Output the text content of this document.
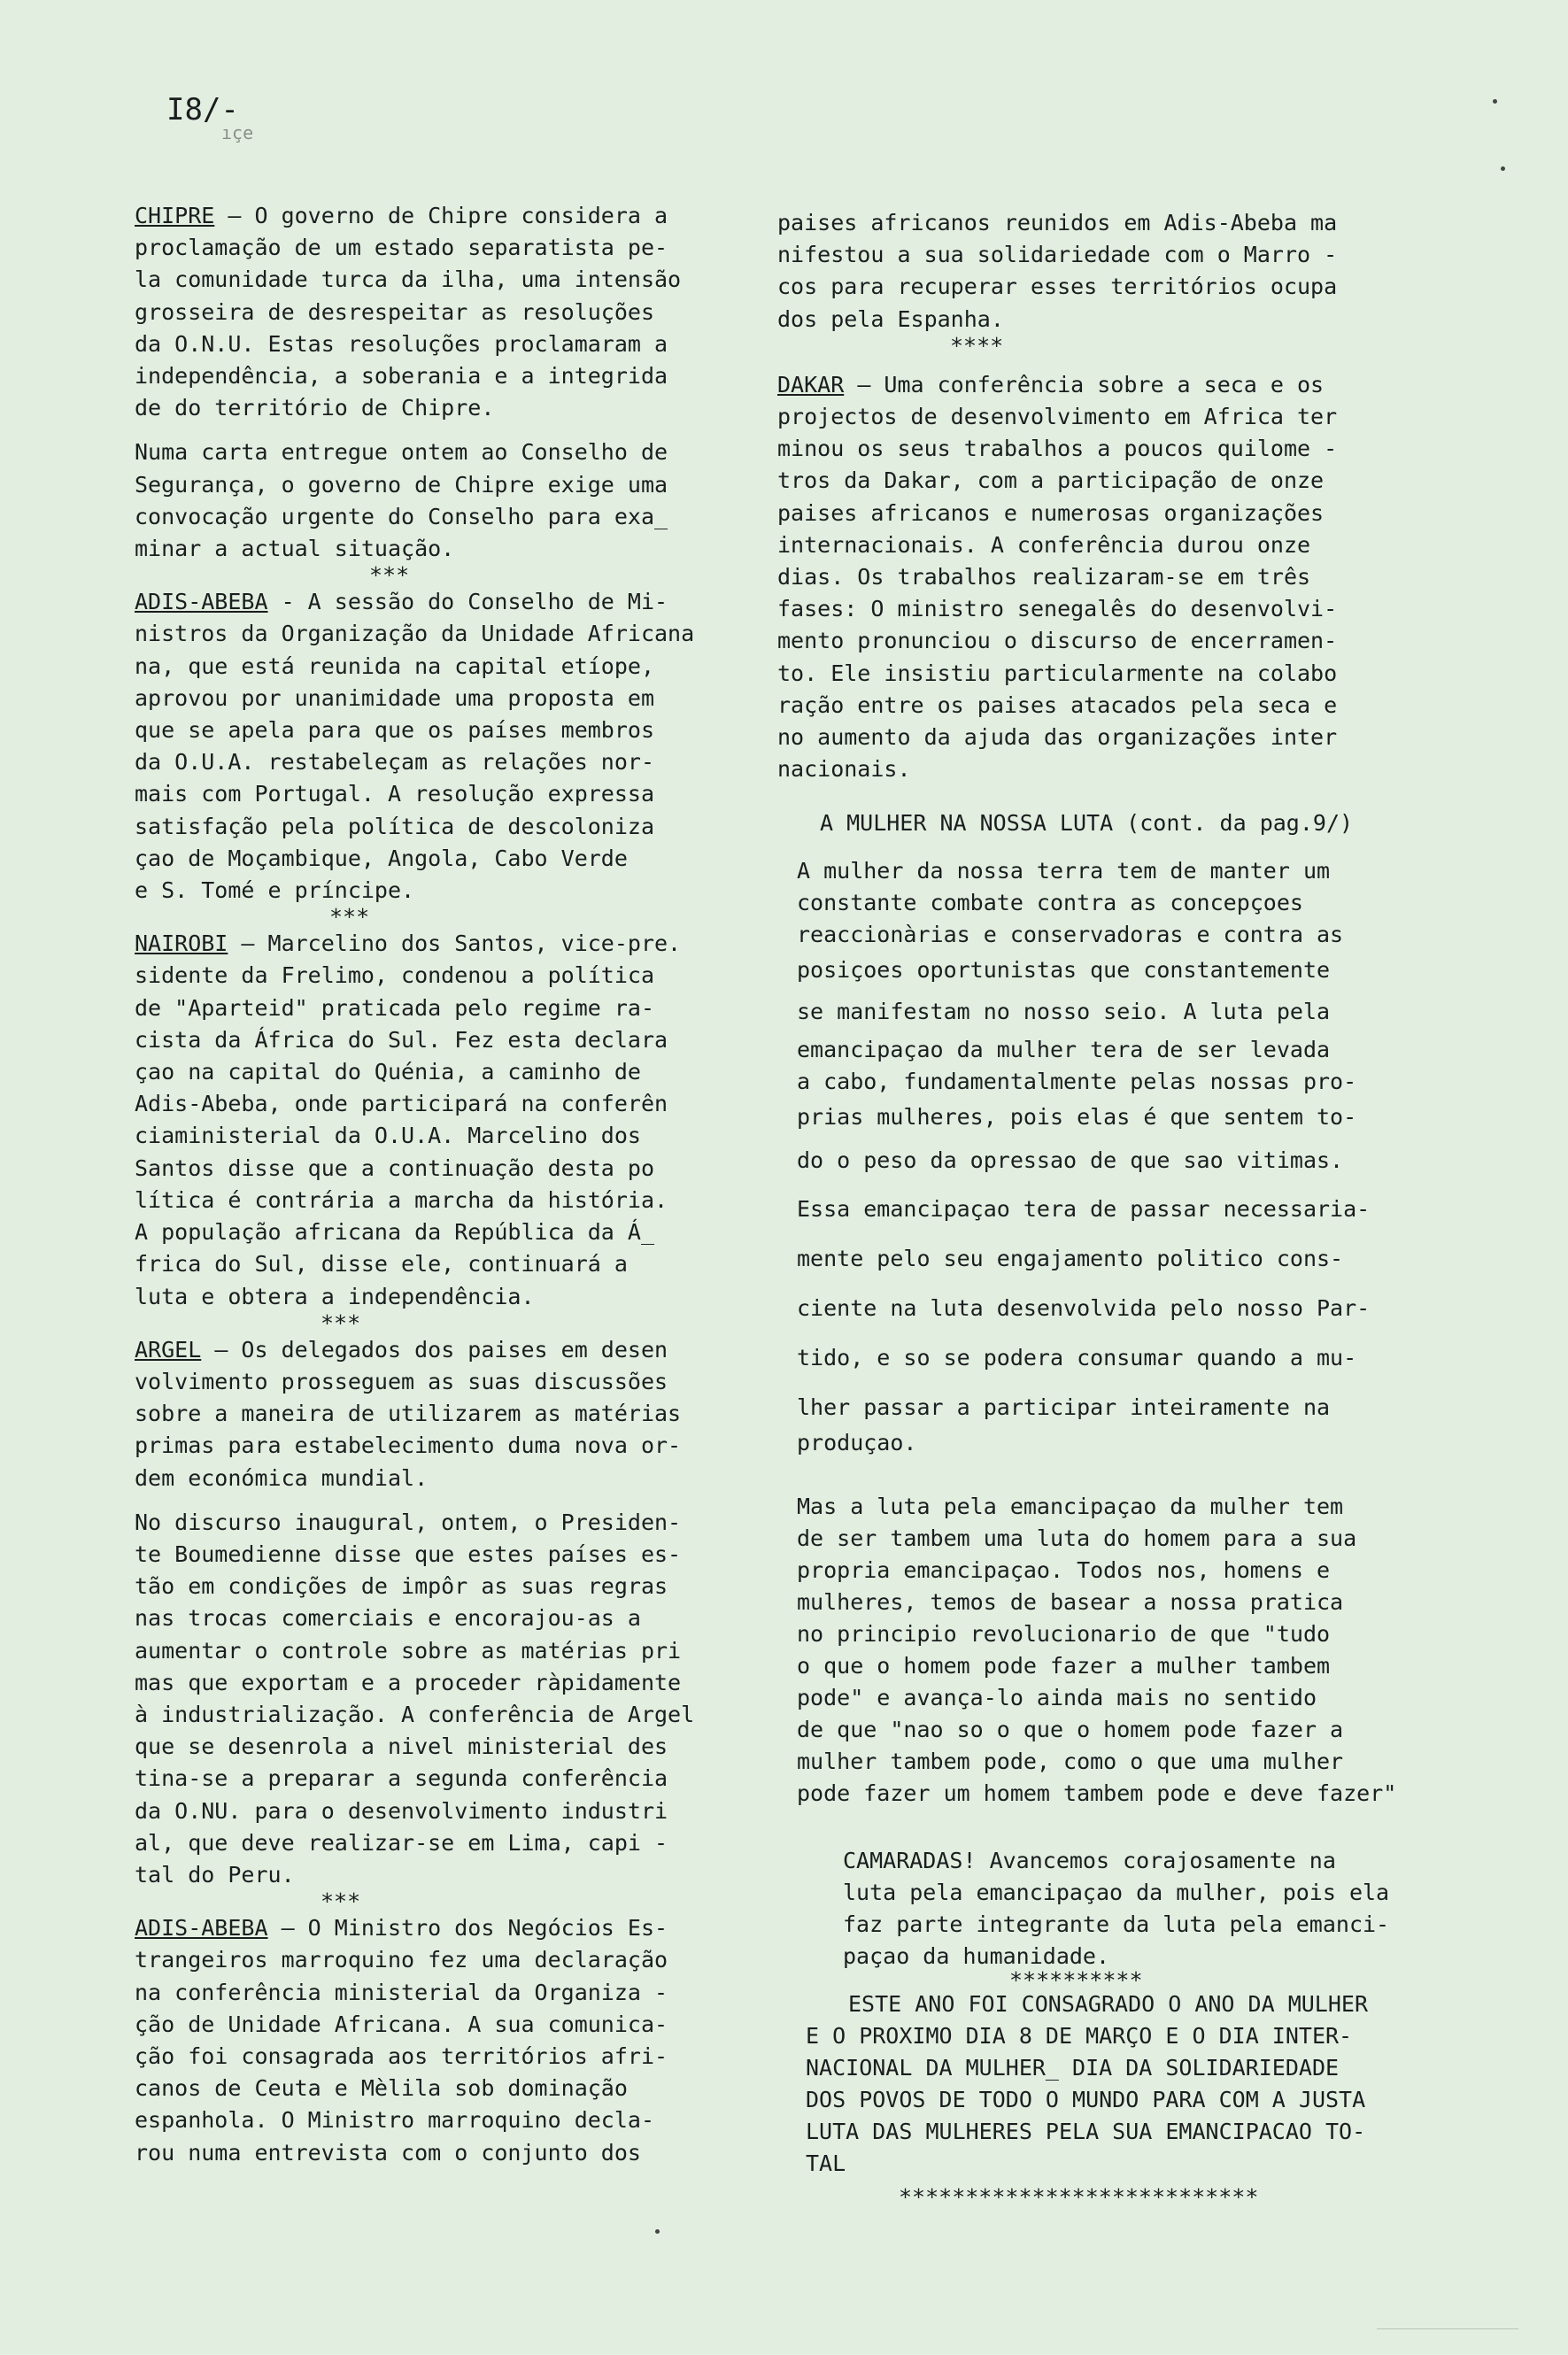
I8/-
ıçe

CHIPRE – O governo de Chipre considera a

proclamação de um estado separatista pe-

la comunidade turca da ilha, uma intensão

grosseira de desrespeitar as resoluções

da O.N.U. Estas resoluções proclamaram a

independência, a soberania e a integrida

de do território de Chipre.

Numa carta entregue ontem ao Conselho de

Segurança, o governo de Chipre exige uma

convocação urgente do Conselho para exa_

minar a actual situação.

***

ADIS-ABEBA - A sessão do Conselho de Mi-

nistros da Organização da Unidade Africana

na, que está reunida na capital etíope,

aprovou por unanimidade uma proposta em

que se apela para que os países membros

da O.U.A. restabeleçam as relações nor-

mais com Portugal. A resolução expressa

satisfação pela política de descoloniza

çao de Moçambique, Angola, Cabo Verde

e S. Tomé e príncipe.

***

NAIROBI – Marcelino dos Santos, vice-pre.

sidente da Frelimo, condenou a política

de "Aparteid" praticada pelo regime ra-

cista da África do Sul. Fez esta declara

çao na capital do Quénia, a caminho de

Adis-Abeba, onde participará na conferên

ciaministerial da O.U.A. Marcelino dos

Santos disse que a continuação desta po

lítica é contrária a marcha da história.

A população africana da República da Á_

frica do Sul, disse ele, continuará a

luta e obtera a independência.

***

ARGEL – Os delegados dos paises em desen

volvimento prosseguem as suas discussões

sobre a maneira de utilizarem as matérias

primas para estabelecimento duma nova or-

dem económica mundial.

No discurso inaugural, ontem, o Presiden-

te Boumedienne disse que estes países es-

tão em condições de impôr as suas regras

nas trocas comerciais e encorajou-as a

aumentar o controle sobre as matérias pri

mas que exportam e a proceder ràpidamente

à industrialização. A conferência de Argel

que se desenrola a nivel ministerial des

tina-se a preparar a segunda conferência

da O.NU. para o desenvolvimento industri

al, que deve realizar-se em Lima, capi -

tal do Peru.

***

ADIS-ABEBA – O Ministro dos Negócios Es-

trangeiros marroquino fez uma declaração

na conferência ministerial da Organiza -

ção de Unidade Africana. A sua comunica-

ção foi consagrada aos territórios afri-

canos de Ceuta e Mèlila sob dominação

espanhola. O Ministro marroquino decla-

rou numa entrevista com o conjunto dos

paises africanos reunidos em Adis-Abeba ma

nifestou a sua solidariedade com o Marro -

cos para recuperar esses territórios ocupa

dos pela Espanha.

****

DAKAR – Uma conferência sobre a seca e os

projectos de desenvolvimento em Africa ter

minou os seus trabalhos a poucos quilome -

tros da Dakar, com a participação de onze

paises africanos e numerosas organizações

internacionais. A conferência durou onze

dias. Os trabalhos realizaram-se em três

fases: O ministro senegalês do desenvolvi-

mento pronunciou o discurso de encerramen-

to. Ele insistiu particularmente na colabo

ração entre os paises atacados pela seca e

no aumento da ajuda das organizações inter

nacionais.

A MULHER NA NOSSA LUTA (cont. da pag.9/)

A mulher da nossa terra tem de manter um

constante combate contra as concepçoes

reaccionàrias e conservadoras e contra as

posiçoes oportunistas que constantemente

se manifestam no nosso seio. A luta pela

emancipaçao da mulher tera de ser levada

a cabo, fundamentalmente pelas nossas pro-

prias mulheres, pois elas é que sentem to-

do o peso da opressao de que sao vitimas.

Essa emancipaçao tera de passar necessaria-

mente pelo seu engajamento politico cons-

ciente na luta desenvolvida pelo nosso Par-

tido, e so se podera consumar quando a mu-

lher passar a participar inteiramente na

produçao.

Mas a luta pela emancipaçao da mulher tem

de ser tambem uma luta do homem para a sua

propria emancipaçao. Todos nos, homens e

mulheres, temos de basear a nossa pratica

no principio revolucionario de que "tudo

o que o homem pode fazer a mulher tambem

pode" e avança-lo ainda mais no sentido

de que "nao so o que o homem pode fazer a

mulher tambem pode, como o que uma mulher

pode fazer um homem tambem pode e deve fazer"

CAMARADAS! Avancemos corajosamente na

luta pela emancipaçao da mulher, pois ela

faz parte integrante da luta pela emanci-

paçao da humanidade.

**********

ESTE ANO FOI CONSAGRADO O ANO DA MULHER

E O PROXIMO DIA 8 DE MARÇO E O DIA INTER-

NACIONAL DA MULHER_ DIA DA SOLIDARIEDADE

DOS POVOS DE TODO O MUNDO PARA COM A JUSTA

LUTA DAS MULHERES PELA SUA EMANCIPACAO TO-

TAL

***************************
